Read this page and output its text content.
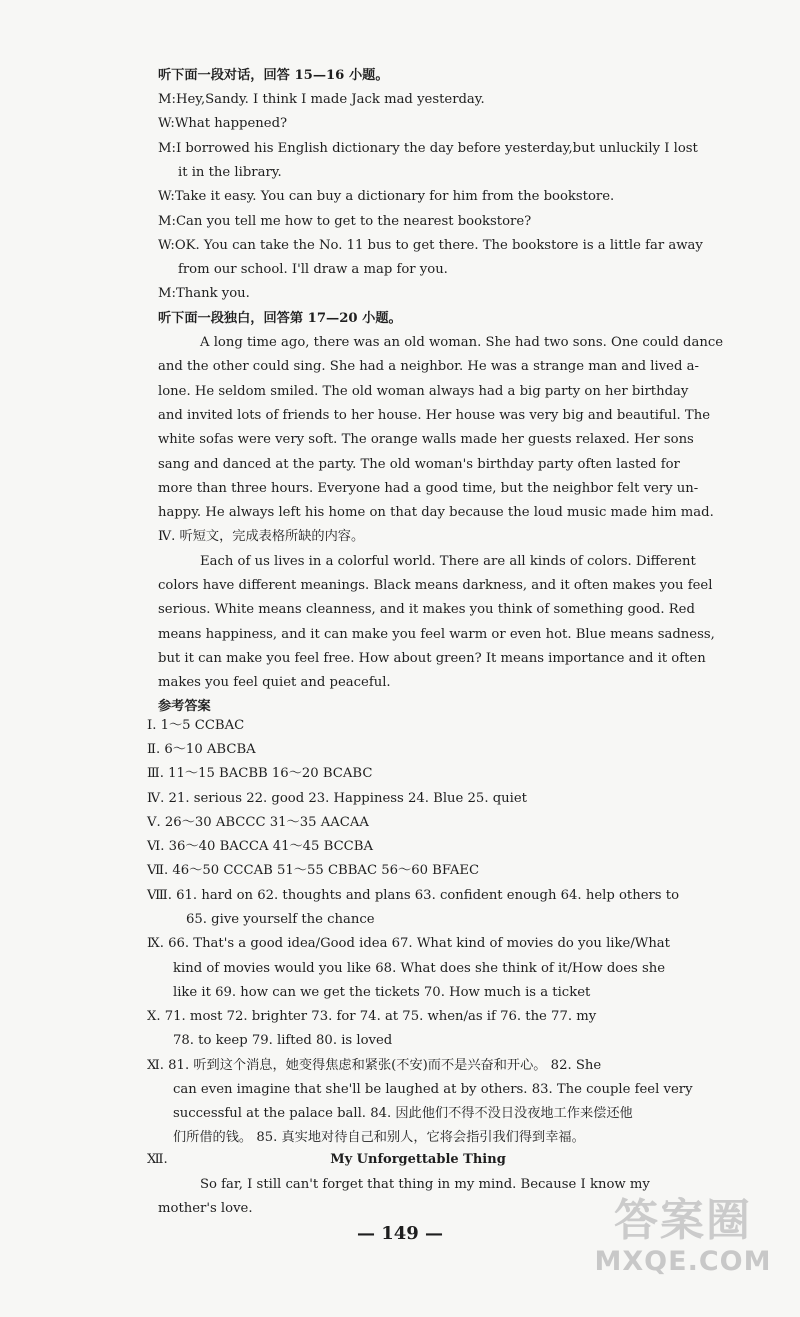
听下面一段对话，回答 15—16 小题。
M:Hey,Sandy. I think I made Jack mad yesterday.
W:What happened?
M:I borrowed his English dictionary the day before yesterday,but unluckily I lost
it in the library.
W:Take it easy. You can buy a dictionary for him from the bookstore.
M:Can you tell me how to get to the nearest bookstore?
W:OK. You can take the No. 11 bus to get there. The bookstore is a little far away
from our school. I'll draw a map for you.
M:Thank you.
听下面一段独白，回答第 17—20 小题。
A long time ago, there was an old woman. She had two sons. One could dance
and the other could sing. She had a neighbor. He was a strange man and lived a-
lone. He seldom smiled. The old woman always had a big party on her birthday
and invited lots of friends to her house. Her house was very big and beautiful. The
white sofas were very soft. The orange walls made her guests relaxed. Her sons
sang and danced at the party. The old woman's birthday party often lasted for
more than three hours. Everyone had a good time, but the neighbor felt very un-
happy. He always left his home on that day because the loud music made him mad.
Ⅳ. 听短文，完成表格所缺的内容。
Each of us lives in a colorful world. There are all kinds of colors. Different
colors have different meanings. Black means darkness, and it often makes you feel
serious. White means cleanness, and it makes you think of something good. Red
means happiness, and it can make you feel warm or even hot. Blue means sadness,
but it can make you feel free. How about green? It means importance and it often
makes you feel quiet and peaceful.
参考答案
Ⅰ. 1～5 CCBAC
Ⅱ. 6～10 ABCBA
Ⅲ. 11～15 BACBB 16～20 BCABC
Ⅳ. 21. serious 22. good 23. Happiness 24. Blue 25. quiet
Ⅴ. 26～30 ABCCC 31～35 AACAA
Ⅵ. 36～40 BACCA 41～45 BCCBA
Ⅶ. 46～50 CCCAB 51～55 CBBAC 56～60 BFAEC
Ⅷ. 61. hard on 62. thoughts and plans 63. confident enough 64. help others to
65. give yourself the chance
Ⅸ. 66. That's a good idea/Good idea 67. What kind of movies do you like/What
kind of movies would you like 68. What does she think of it/How does she
like it 69. how can we get the tickets 70. How much is a ticket
Ⅹ. 71. most 72. brighter 73. for 74. at 75. when/as if 76. the 77. my
78. to keep 79. lifted 80. is loved
Ⅺ. 81. 听到这个消息，她变得焦虑和紧张(不安)而不是兴奋和开心。 82. She
can even imagine that she'll be laughed at by others. 83. The couple feel very
successful at the palace ball. 84. 因此他们不得不没日没夜地工作来偿还他
们所借的钱。 85. 真实地对待自己和别人，它将会指引我们得到幸福。
Ⅻ.	My Unforgettable Thing
So far, I still can't forget that thing in my mind. Because I know my
mother's love.
— 149 —	答案圈
MXQE.COM
